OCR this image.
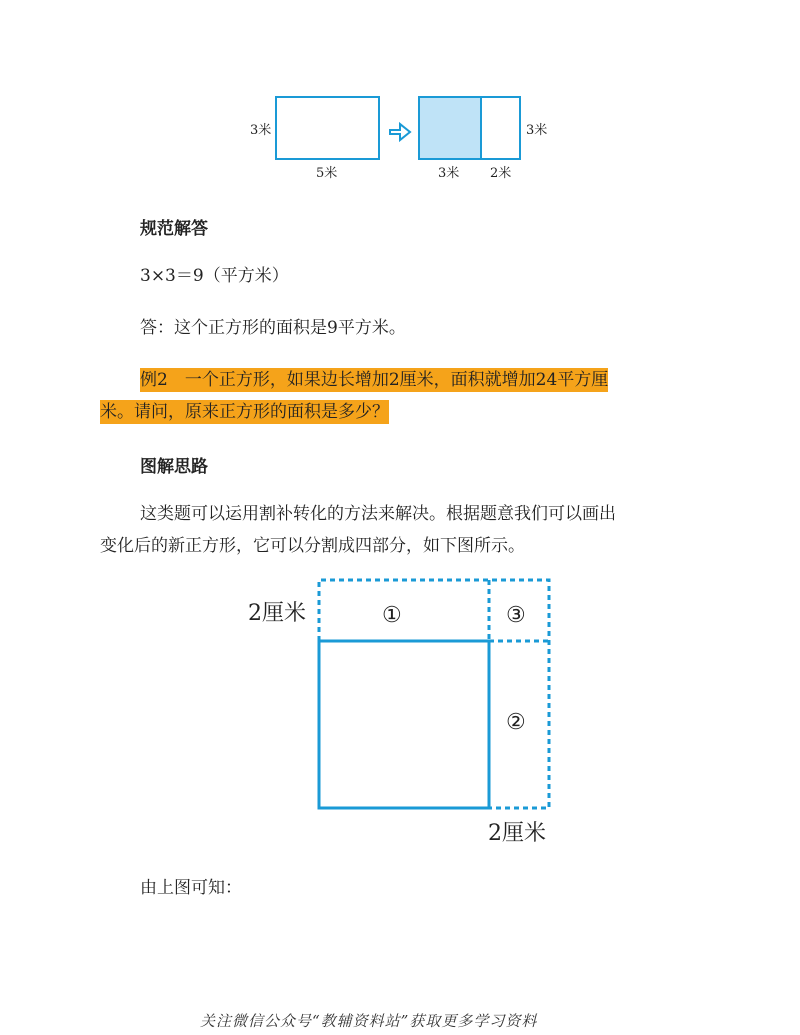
3米
5米
3米
3米 2米
规范解答
3×3＝9（平方米）
答：这个正方形的面积是9平方米。
例2　一个正方形，如果边长增加2厘米，面积就增加24平方厘
米。请问，原来正方形的面积是多少？
图解思路
这类题可以运用割补转化的方法来解决。根据题意我们可以画出
变化后的新正方形，它可以分割成四部分，如下图所示。
2厘米	①	③
②
2厘米
由上图可知：
关注微信公众号“教辅资料站”获取更多学习资料
